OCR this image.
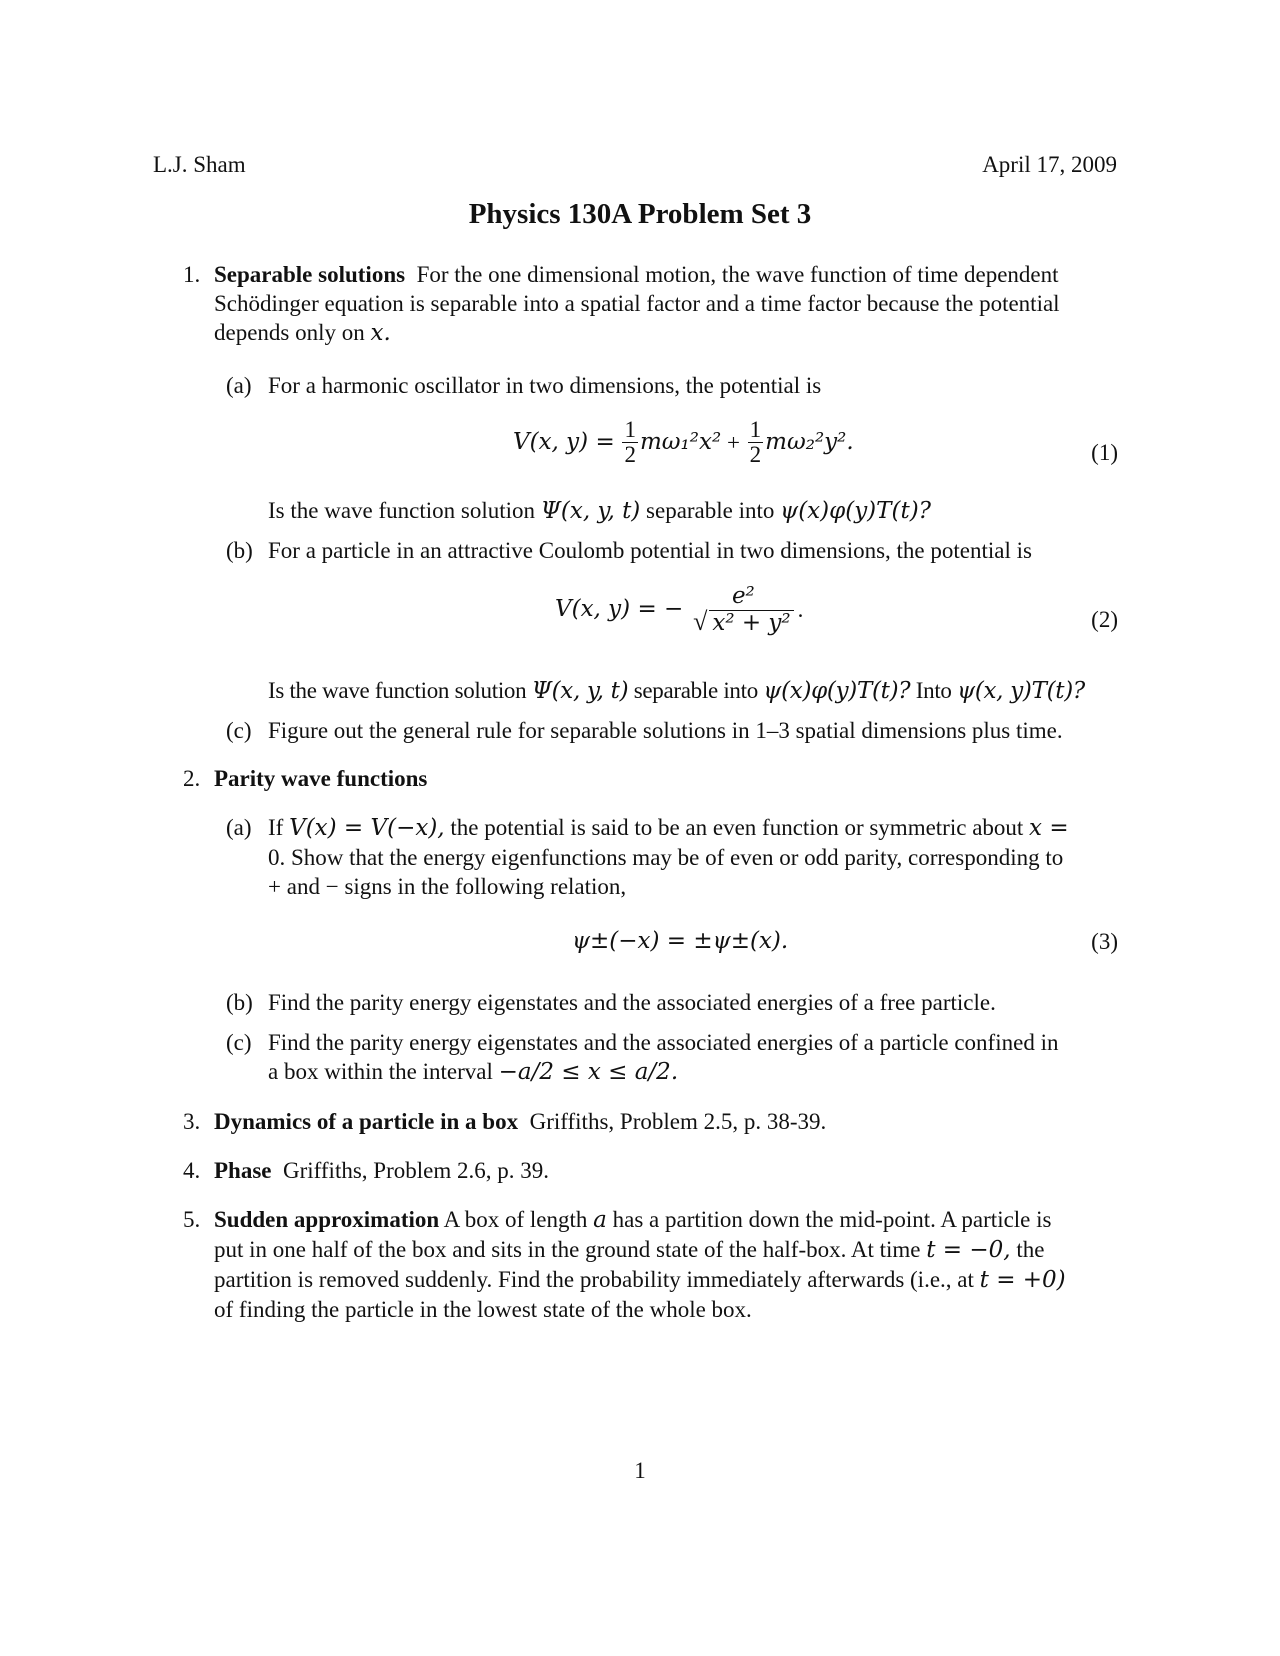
L.J. Sham	April 17, 2009
Physics 130A Problem Set 3
1. Separable solutions For the one dimensional motion, the wave function of time dependent
Schödinger equation is separable into a spatial factor and a time factor because the potential
depends only on x.
(a) For a harmonic oscillator in two dimensions, the potential is
V(x, $y) = \frac{1}{2} m\omega_1^2x^2 + \frac{1}{2} m\omega_2^2y^2$.	(1)
Is the wave function solution Ψ(x, y, t) separable into ψ(x)φ(y)T(t)?
(b) For a particle in an attractive Coulomb potential in two dimensions, the potential is
V(x, y) = −	e²
√ x² + y²
.	(2)
Is the wave function solution Ψ(x, y, t) separable into ψ(x)φ(y)T(t)? Into ψ(x, y)T(t)?
(c) Figure out the general rule for separable solutions in 1–3 spatial dimensions plus time.
2. Parity wave functions
(a) If V(x) = V(−x), the potential is said to be an even function or symmetric about x =
0. Show that the energy eigenfunctions may be of even or odd parity, corresponding to
+ and − signs in the following relation,
ψ±(−x) = ±ψ±(x).	(3)
(b) Find the parity energy eigenstates and the associated energies of a free particle.
(c) Find the parity energy eigenstates and the associated energies of a particle confined in
a box within the interval −a/2 ≤ x ≤ a/2.
3. Dynamics of a particle in a box Griffiths, Problem 2.5, p. 38-39.
4. Phase Griffiths, Problem 2.6, p. 39.
5. Sudden approximation A box of length a has a partition down the mid-point. A particle is
put in one half of the box and sits in the ground state of the half-box. At time t = −0, the
partition is removed suddenly. Find the probability immediately afterwards (i.e., at t = +0)
of finding the particle in the lowest state of the whole box.
1
